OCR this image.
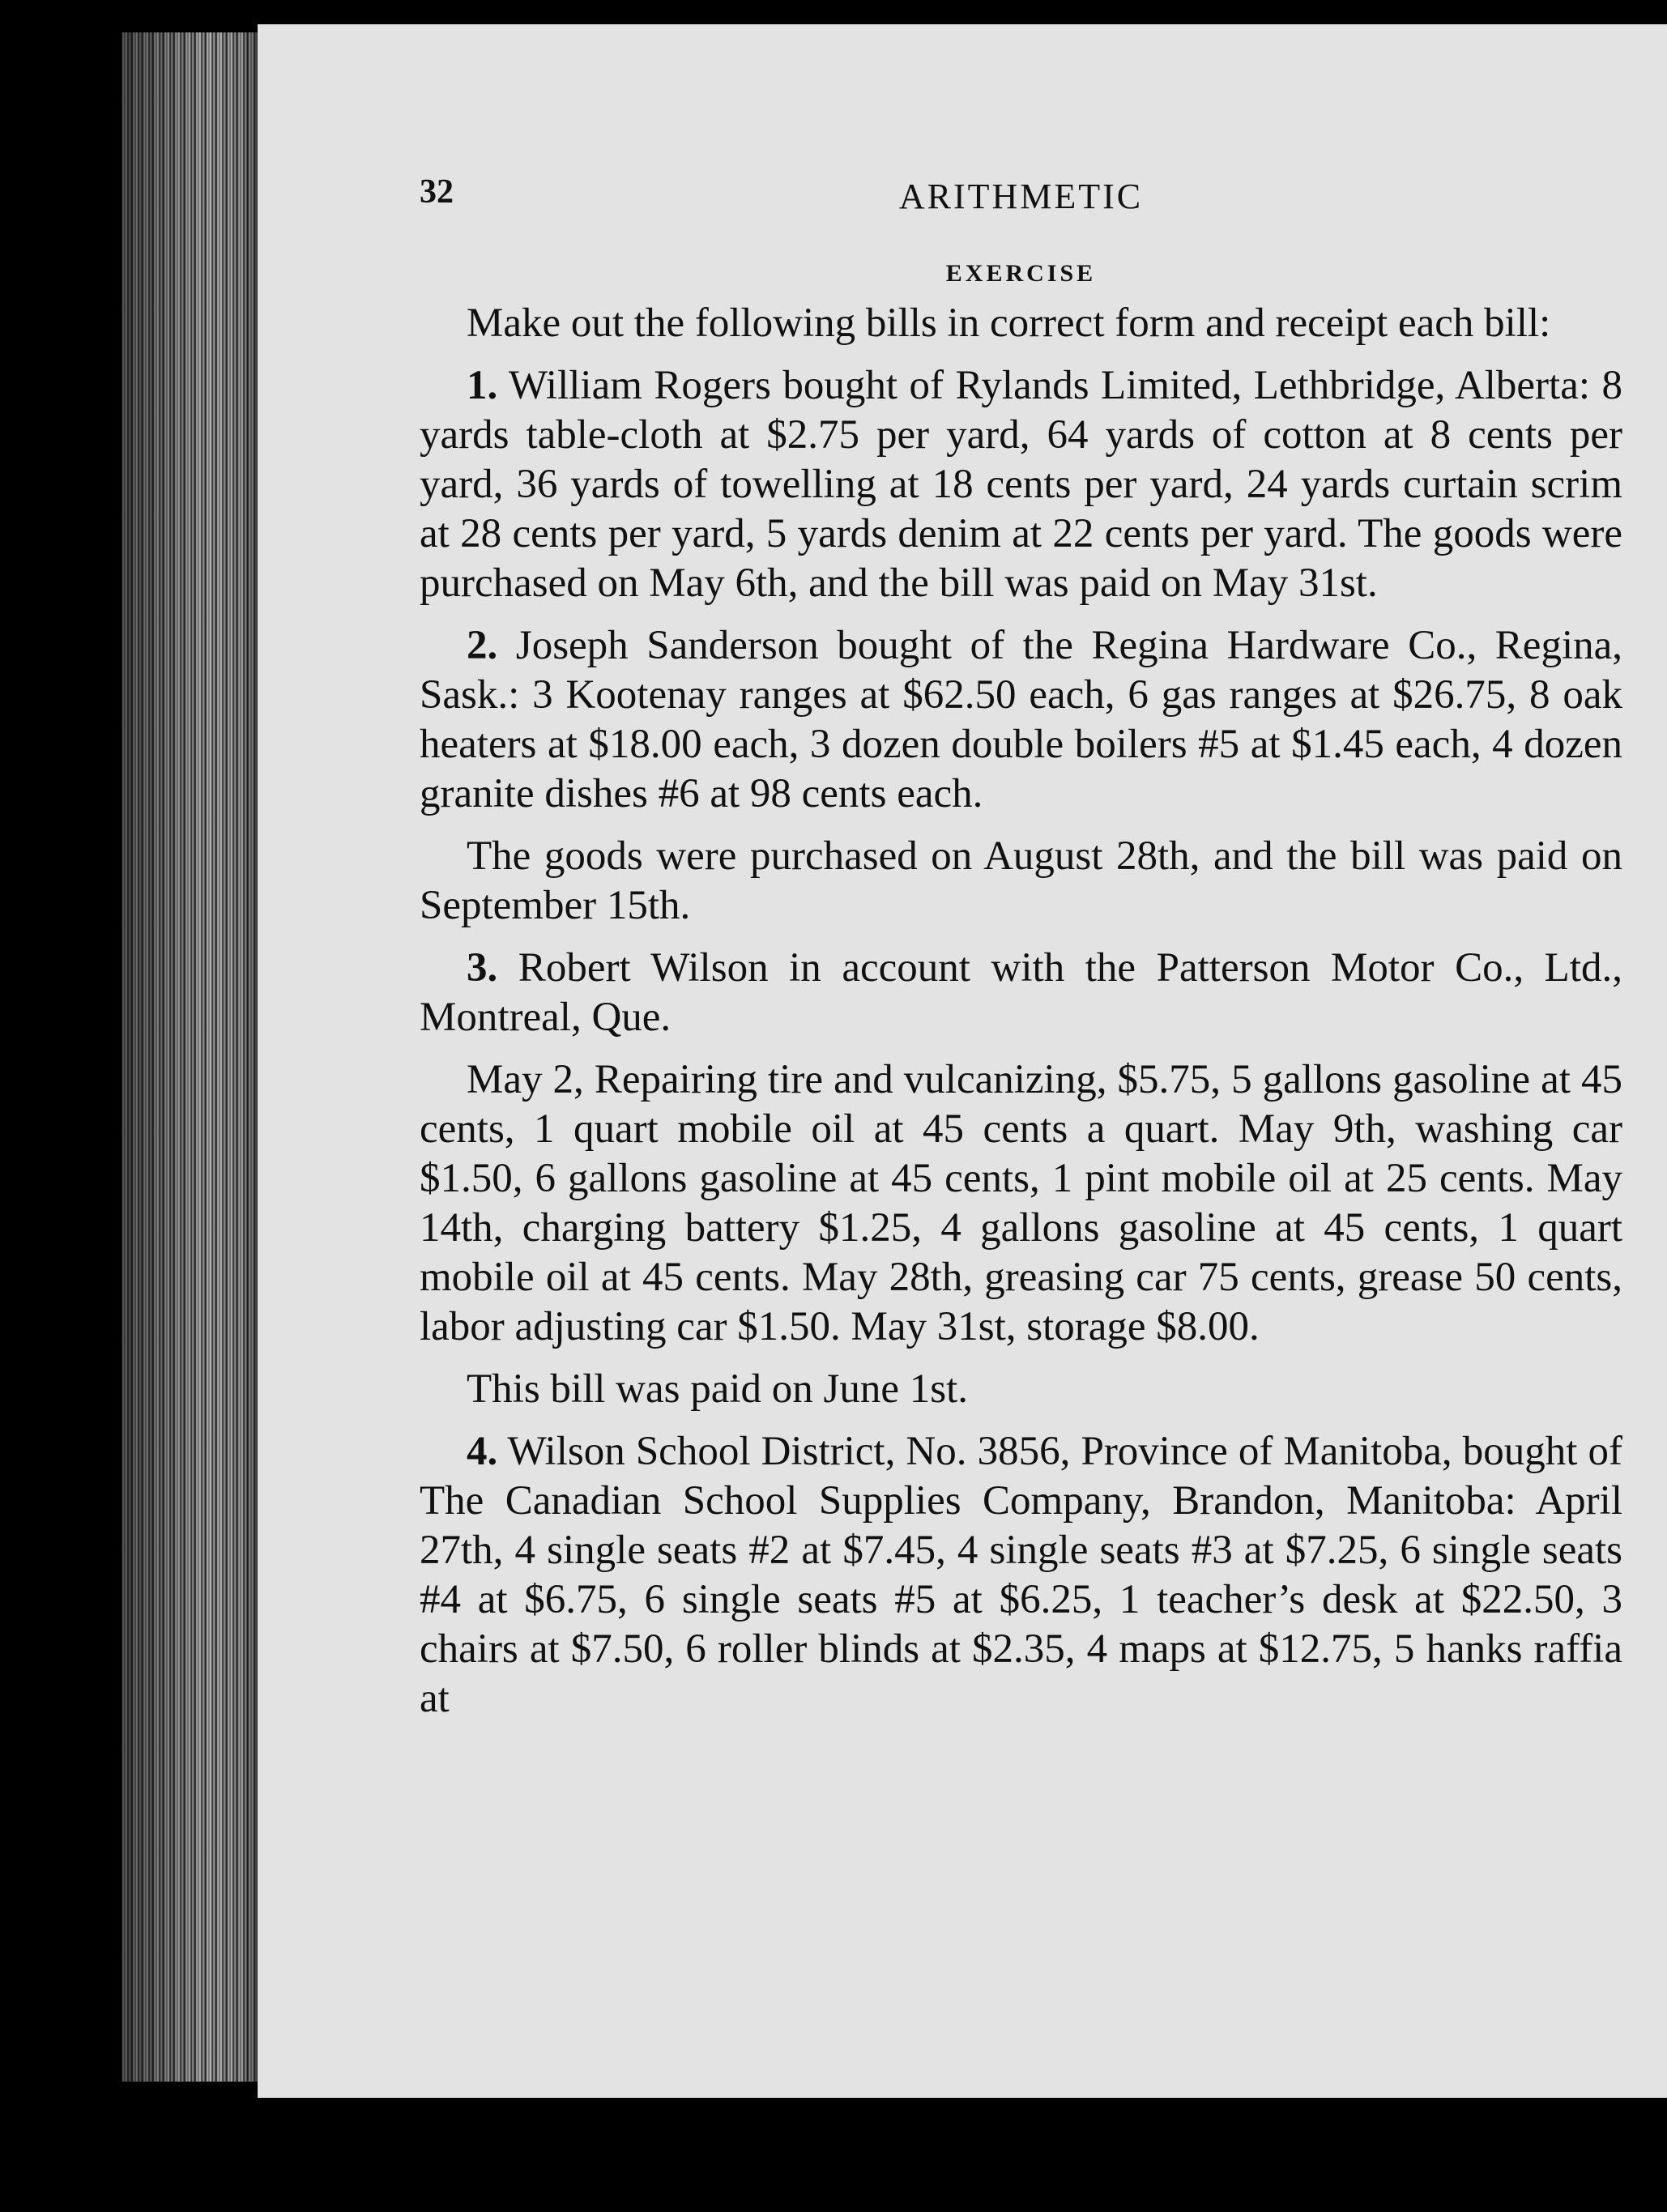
32	ARITHMETIC
EXERCISE

Make out the following bills in correct form and receipt each bill:

1. William Rogers bought of Rylands Limited, Lethbridge, Alberta: 8 yards table-cloth at $2.75 per yard, 64 yards of cotton at 8 cents per yard, 36 yards of towelling at 18 cents per yard, 24 yards curtain scrim at 28 cents per yard, 5 yards denim at 22 cents per yard. The goods were purchased on May 6th, and the bill was paid on May 31st.

2. Joseph Sanderson bought of the Regina Hardware Co., Regina, Sask.: 3 Kootenay ranges at $62.50 each, 6 gas ranges at $26.75, 8 oak heaters at $18.00 each, 3 dozen double boilers #5 at $1.45 each, 4 dozen granite dishes #6 at 98 cents each.

The goods were purchased on August 28th, and the bill was paid on September 15th.

3. Robert Wilson in account with the Patterson Motor Co., Ltd., Montreal, Que.

May 2, Repairing tire and vulcanizing, $5.75, 5 gallons gasoline at 45 cents, 1 quart mobile oil at 45 cents a quart. May 9th, washing car $1.50, 6 gallons gasoline at 45 cents, 1 pint mobile oil at 25 cents. May 14th, charging battery $1.25, 4 gallons gasoline at 45 cents, 1 quart mobile oil at 45 cents. May 28th, greasing car 75 cents, grease 50 cents, labor adjusting car $1.50. May 31st, storage $8.00.

This bill was paid on June 1st.

4. Wilson School District, No. 3856, Province of Manitoba, bought of The Canadian School Supplies Company, Brandon, Manitoba: April 27th, 4 single seats #2 at $7.45, 4 single seats #3 at $7.25, 6 single seats #4 at $6.75, 6 single seats #5 at $6.25, 1 teacher’s desk at $22.50, 3 chairs at $7.50, 6 roller blinds at $2.35, 4 maps at $12.75, 5 hanks raffia at
